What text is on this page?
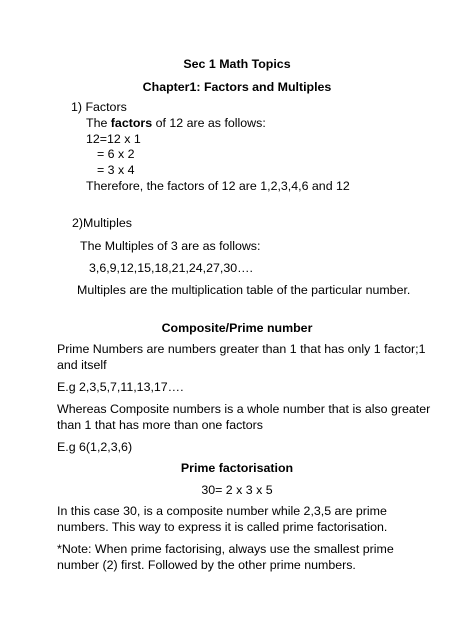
Sec 1 Math Topics
Chapter1: Factors and Multiples
1) Factors
The factors of 12 are as follows:
12=12 x 1
= 6 x 2
= 3 x 4
Therefore, the factors of 12 are 1,2,3,4,6 and 12
2)Multiples
The Multiples of 3 are as follows:
3,6,9,12,15,18,21,24,27,30….
Multiples are the multiplication table of the particular number.
Composite/Prime number
Prime Numbers are numbers greater than 1 that has only 1 factor;1
and itself
E.g 2,3,5,7,11,13,17….
Whereas Composite numbers is a whole number that is also greater
than 1 that has more than one factors
E.g 6(1,2,3,6)
Prime factorisation
30= 2 x 3 x 5
In this case 30, is a composite number while 2,3,5 are prime
numbers. This way to express it is called prime factorisation.
*Note: When prime factorising, always use the smallest prime
number (2) first. Followed by the other prime numbers.
